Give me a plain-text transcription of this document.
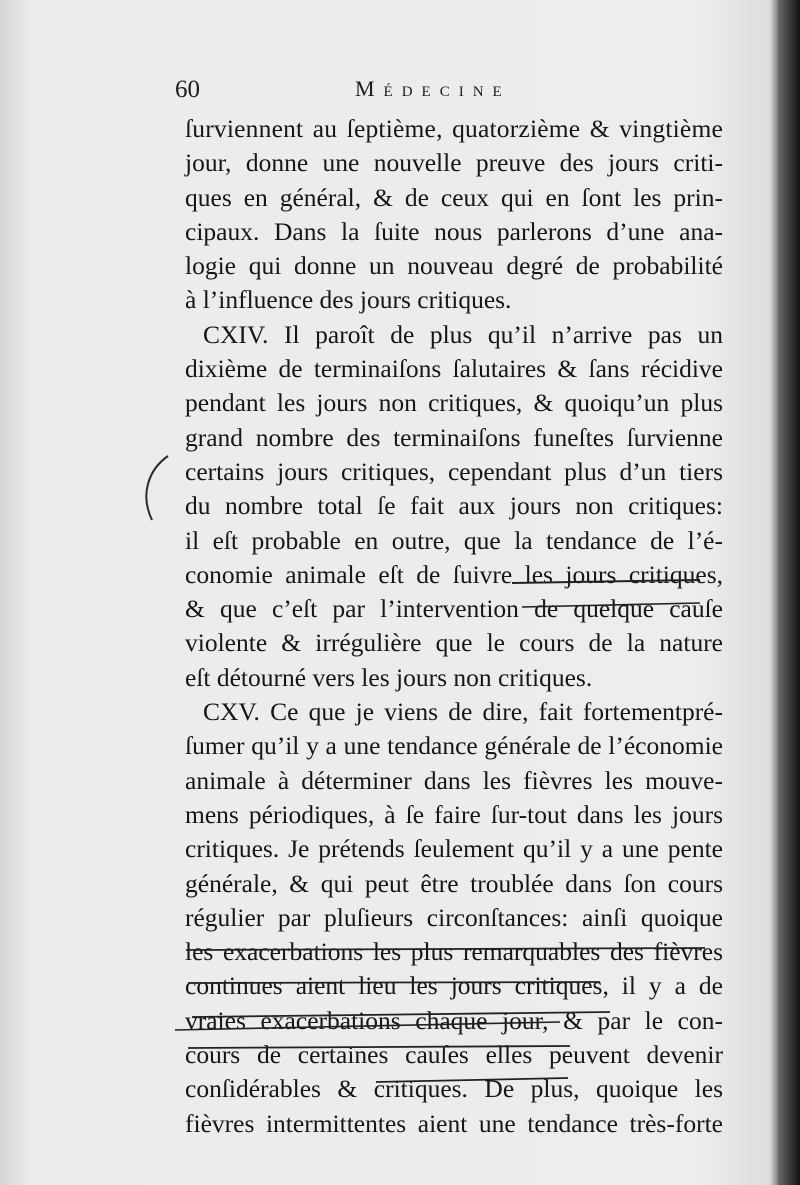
60	Médecine
ſurviennent au ſeptième, quatorzième & vingtième
jour, donne une nouvelle preuve des jours criti-
ques en général, & de ceux qui en ſont les prin-
cipaux. Dans la ſuite nous parlerons d’une ana-
logie qui donne un nouveau degré de probabilité
à l’influence des jours critiques.
CXIV. Il paroît de plus qu’il n’arrive pas un
dixième de terminaiſons ſalutaires & ſans récidive
pendant les jours non critiques, & quoiqu’un plus
grand nombre des terminaiſons funeſtes ſurvienne
certains jours critiques, cependant plus d’un tiers
du nombre total ſe fait aux jours non critiques:
il eſt probable en outre, que la tendance de l’é-
conomie animale eſt de ſuivre les jours critiques,
& que c’eſt par l’intervention de quelque cauſe
violente & irrégulière que le cours de la nature
eſt détourné vers les jours non critiques.
CXV. Ce que je viens de dire, fait fortementpré-
ſumer qu’il y a une tendance générale de l’économie
animale à déterminer dans les fièvres les mouve-
mens périodiques, à ſe faire ſur-tout dans les jours
critiques. Je prétends ſeulement qu’il y a une pente
générale, & qui peut être troublée dans ſon cours
régulier par pluſieurs circonſtances: ainſi quoique
les exacerbations les plus remarquables des fièvres
continues aient lieu les jours critiques, il y a de
vraies exacerbations chaque jour, & par le con-
cours de certaines cauſes elles peuvent devenir
conſidérables & critiques. De plus, quoique les
fièvres intermittentes aient une tendance très-forte
